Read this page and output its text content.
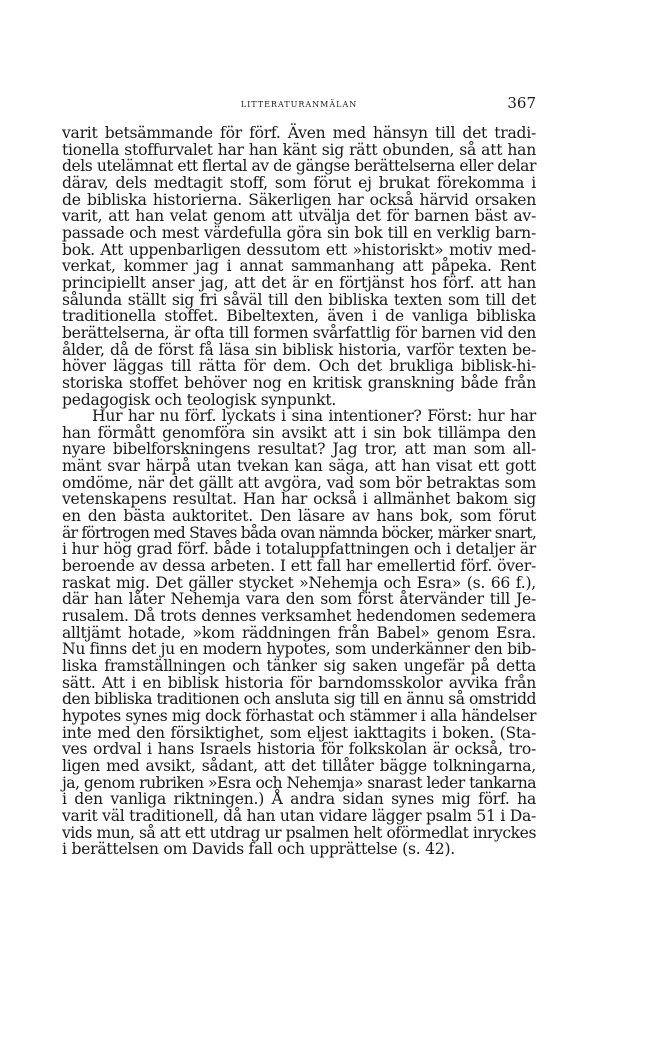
LITTERATURANMÄLAN	367
varit betsämmande för förf. Även med hänsyn till det tradi-
tionella stoffurvalet har han känt sig rätt obunden, så att han
dels utelämnat ett flertal av de gängse berättelserna eller delar
därav, dels medtagit stoff, som förut ej brukat förekomma i
de bibliska historierna. Säkerligen har också härvid orsaken
varit, att han velat genom att utvälja det för barnen bäst av-
passade och mest värdefulla göra sin bok till en verklig barn-
bok. Att uppenbarligen dessutom ett »historiskt» motiv med-
verkat, kommer jag i annat sammanhang att påpeka. Rent
principiellt anser jag, att det är en förtjänst hos förf. att han
sålunda ställt sig fri såväl till den bibliska texten som till det
traditionella stoffet. Bibeltexten, även i de vanliga bibliska
berättelserna, är ofta till formen svårfattlig för barnen vid den
ålder, då de först få läsa sin biblisk historia, varför texten be-
höver läggas till rätta för dem. Och det brukliga biblisk-hi-
storiska stoffet behöver nog en kritisk granskning både från
pedagogisk och teologisk synpunkt.
Hur har nu förf. lyckats i sina intentioner? Först: hur har
han förmått genomföra sin avsikt att i sin bok tillämpa den
nyare bibelforskningens resultat? Jag tror, att man som all-
mänt svar härpå utan tvekan kan säga, att han visat ett gott
omdöme, när det gällt att avgöra, vad som bör betraktas som
vetenskapens resultat. Han har också i allmänhet bakom sig
en den bästa auktoritet. Den läsare av hans bok, som förut
är förtrogen med Staves båda ovan nämnda böcker, märker snart,
i hur hög grad förf. både i totaluppfattningen och i detaljer är
beroende av dessa arbeten. I ett fall har emellertid förf. över-
raskat mig. Det gäller stycket »Nehemja och Esra» (s. 66 f.),
där han låter Nehemja vara den som först återvänder till Je-
rusalem. Då trots dennes verksamhet hedendomen sedemera
alltjämt hotade, »kom räddningen från Babel» genom Esra.
Nu finns det ju en modern hypotes, som underkänner den bib-
liska framställningen och tänker sig saken ungefär på detta
sätt. Att i en biblisk historia för barndomsskolor avvika från
den bibliska traditionen och ansluta sig till en ännu så omstridd
hypotes synes mig dock förhastat och stämmer i alla händelser
inte med den försiktighet, som eljest iakttagits i boken. (Sta-
ves ordval i hans Israels historia för folkskolan är också, tro-
ligen med avsikt, sådant, att det tillåter bägge tolkningarna,
ja, genom rubriken »Esra och Nehemja» snarast leder tankarna
i den vanliga riktningen.) Å andra sidan synes mig förf. ha
varit väl traditionell, då han utan vidare lägger psalm 51 i Da-
vids mun, så att ett utdrag ur psalmen helt oförmedlat inryckes
i berättelsen om Davids fall och upprättelse (s. 42).
